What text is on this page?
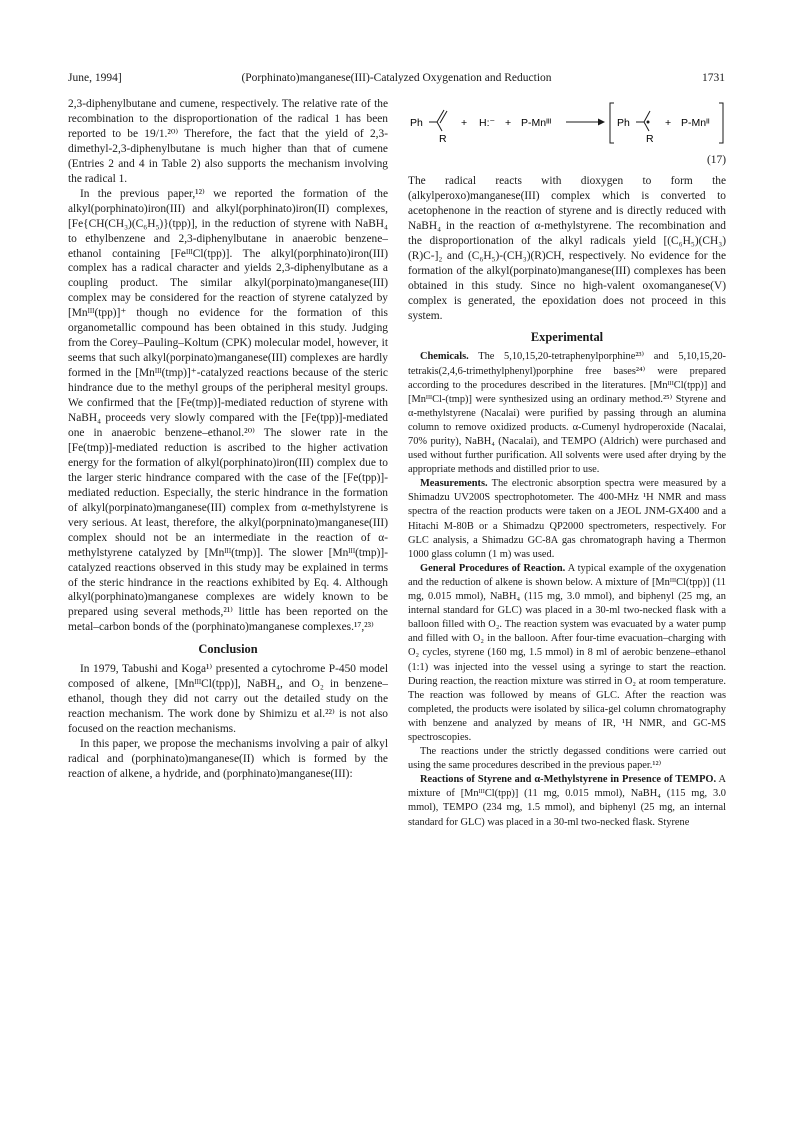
June, 1994]	(Porphinato)manganese(III)-Catalyzed Oxygenation and Reduction	1731

2,3-diphenylbutane and cumene, respectively. The relative rate of the recombination to the disproportionation of the radical 1 has been reported to be 19/1.²⁰⁾ Therefore, the fact that the yield of 2,3-dimethyl-2,3-diphenylbutane is much higher than that of cumene (Entries 2 and 4 in Table 2) also supports the mechanism involving the radical 1.

In the previous paper,¹²⁾ we reported the formation of the alkyl(porphinato)iron(III) and alkyl(porphinato)iron(II) complexes, [Fe{CH(CH₃)(C₆H₅)}(tpp)], in the reduction of styrene with NaBH₄ to ethylbenzene and 2,3-diphenylbutane in anaerobic benzene–ethanol containing [FeᴵᴵᴵCl(tpp)]. The alkyl(porphinato)iron(III) complex has a radical character and yields 2,3-diphenylbutane as a coupling product. The similar alkyl(porpinato)manganese(III) complex may be considered for the reaction of styrene catalyzed by [Mnᴵᴵᴵ(tpp)]⁺ though no evidence for the formation of this organometallic compound has been obtained in this study. Judging from the Corey–Pauling–Koltum (CPK) molecular model, however, it seems that such alkyl(porpinato)manganese(III) complexes are hardly formed in the [Mnᴵᴵᴵ(tmp)]⁺-catalyzed reactions because of the steric hindrance due to the methyl groups of the peripheral mesityl groups. We confirmed that the [Fe(tmp)]-mediated reduction of styrene with NaBH₄ proceeds very slowly compared with the [Fe(tpp)]-mediated one in anaerobic benzene–ethanol.²⁰⁾ The slower rate in the [Fe(tmp)]-mediated reduction is ascribed to the higher activation energy for the formation of alkyl(porphinato)iron(III) complex due to the larger steric hindrance compared with the case of the [Fe(tpp)]-mediated reduction. Especially, the steric hindrance in the formation of alkyl(porpinato)manganese(III) complex from α-methylstyrene is very serious. At least, therefore, the alkyl(porpninato)manganese(III) complex should not be an intermediate in the reaction of α-methylstyrene catalyzed by [Mnᴵᴵᴵ(tmp)]. The slower [Mnᴵᴵᴵ(tmp)]-catalyzed reactions observed in this study may be explained in terms of the steric hindrance in the reactions exhibited by Eq. 4. Although alkyl(porphinato)manganese complexes are widely known to be prepared using several methods,²¹⁾ little has been reported on the metal–carbon bonds of the (porphinato)manganese complexes.¹⁷,²³⁾

Conclusion

In 1979, Tabushi and Koga¹⁾ presented a cytochrome P-450 model composed of alkene, [MnᴵᴵᴵCl(tpp)], NaBH₄, and O₂ in benzene–ethanol, though they did not carry out the detailed study on the reaction mechanism. The work done by Shimizu et al.²²⁾ is not also focused on the reaction mechanisms.

In this paper, we propose the mechanisms involving a pair of alkyl radical and (porphinato)manganese(II) which is formed by the reaction of alkene, a hydride, and (porphinato)manganese(III):

Ph
R
+ H:⁻ + P-Mnᴵᴵᴵ	Ph
R
+ P-Mnᴵᴵ
(17)

The radical reacts with dioxygen to form the (alkylperoxo)manganese(III) complex which is converted to acetophenone in the reaction of styrene and is directly reduced with NaBH₄ in the reaction of α-methylstyrene. The recombination and the disproportionation of the alkyl radicals yield [(C₆H₅)(CH₃)(R)C-]₂ and (C₆H₅)-(CH₃)(R)CH, respectively. No evidence for the formation of the alkyl(porpinato)manganese(III) complexes has been obtained in this study. Since no high-valent oxomanganese(V) complex is generated, the epoxidation does not proceed in this system.

Experimental

Chemicals. The 5,10,15,20-tetraphenylporphine²³⁾ and 5,10,15,20-tetrakis(2,4,6-trimethylphenyl)porphine free bases²⁴⁾ were prepared according to the procedures described in the literatures. [MnᴵᴵᴵCl(tpp)] and [MnᴵᴵᴵCl-(tmp)] were synthesized using an ordinary method.²⁵⁾ Styrene and α-methylstyrene (Nacalai) were purified by passing through an alumina column to remove oxidized products. α-Cumenyl hydroperoxide (Nacalai, 70% purity), NaBH₄ (Nacalai), and TEMPO (Aldrich) were purchased and used without further purification. All solvents were used after drying by the appropriate methods and distilled prior to use.

Measurements. The electronic absorption spectra were measured by a Shimadzu UV200S spectrophotometer. The 400-MHz ¹H NMR and mass spectra of the reaction products were taken on a JEOL JNM-GX400 and a Hitachi M-80B or a Shimadzu QP2000 spectrometers, respectively. For GLC analysis, a Shimadzu GC-8A gas chromatograph having a Thermon 1000 glass column (1 m) was used.

General Procedures of Reaction. A typical example of the oxygenation and the reduction of alkene is shown below. A mixture of [MnᴵᴵᴵCl(tpp)] (11 mg, 0.015 mmol), NaBH₄ (115 mg, 3.0 mmol), and biphenyl (25 mg, an internal standard for GLC) was placed in a 30-ml two-necked flask with a balloon filled with O₂. The reaction system was evacuated by a water pump and filled with O₂ in the balloon. After four-time evacuation–charging with O₂ cycles, styrene (160 mg, 1.5 mmol) in 8 ml of aerobic benzene–ethanol (1:1) was injected into the vessel using a syringe to start the reaction. During reaction, the reaction mixture was stirred in O₂ at room temperature. The reaction was followed by means of GLC. After the reaction was completed, the products were isolated by silica-gel column chromatography with benzene and analyzed by means of IR, ¹H NMR, and GC-MS spectroscopies.

The reactions under the strictly degassed conditions were carried out using the same procedures described in the previous paper.¹²⁾

Reactions of Styrene and α-Methylstyrene in Presence of TEMPO. A mixture of [MnᴵᴵᴵCl(tpp)] (11 mg, 0.015 mmol), NaBH₄ (115 mg, 3.0 mmol), TEMPO (234 mg, 1.5 mmol), and biphenyl (25 mg, an internal standard for GLC) was placed in a 30-ml two-necked flask. Styrene
